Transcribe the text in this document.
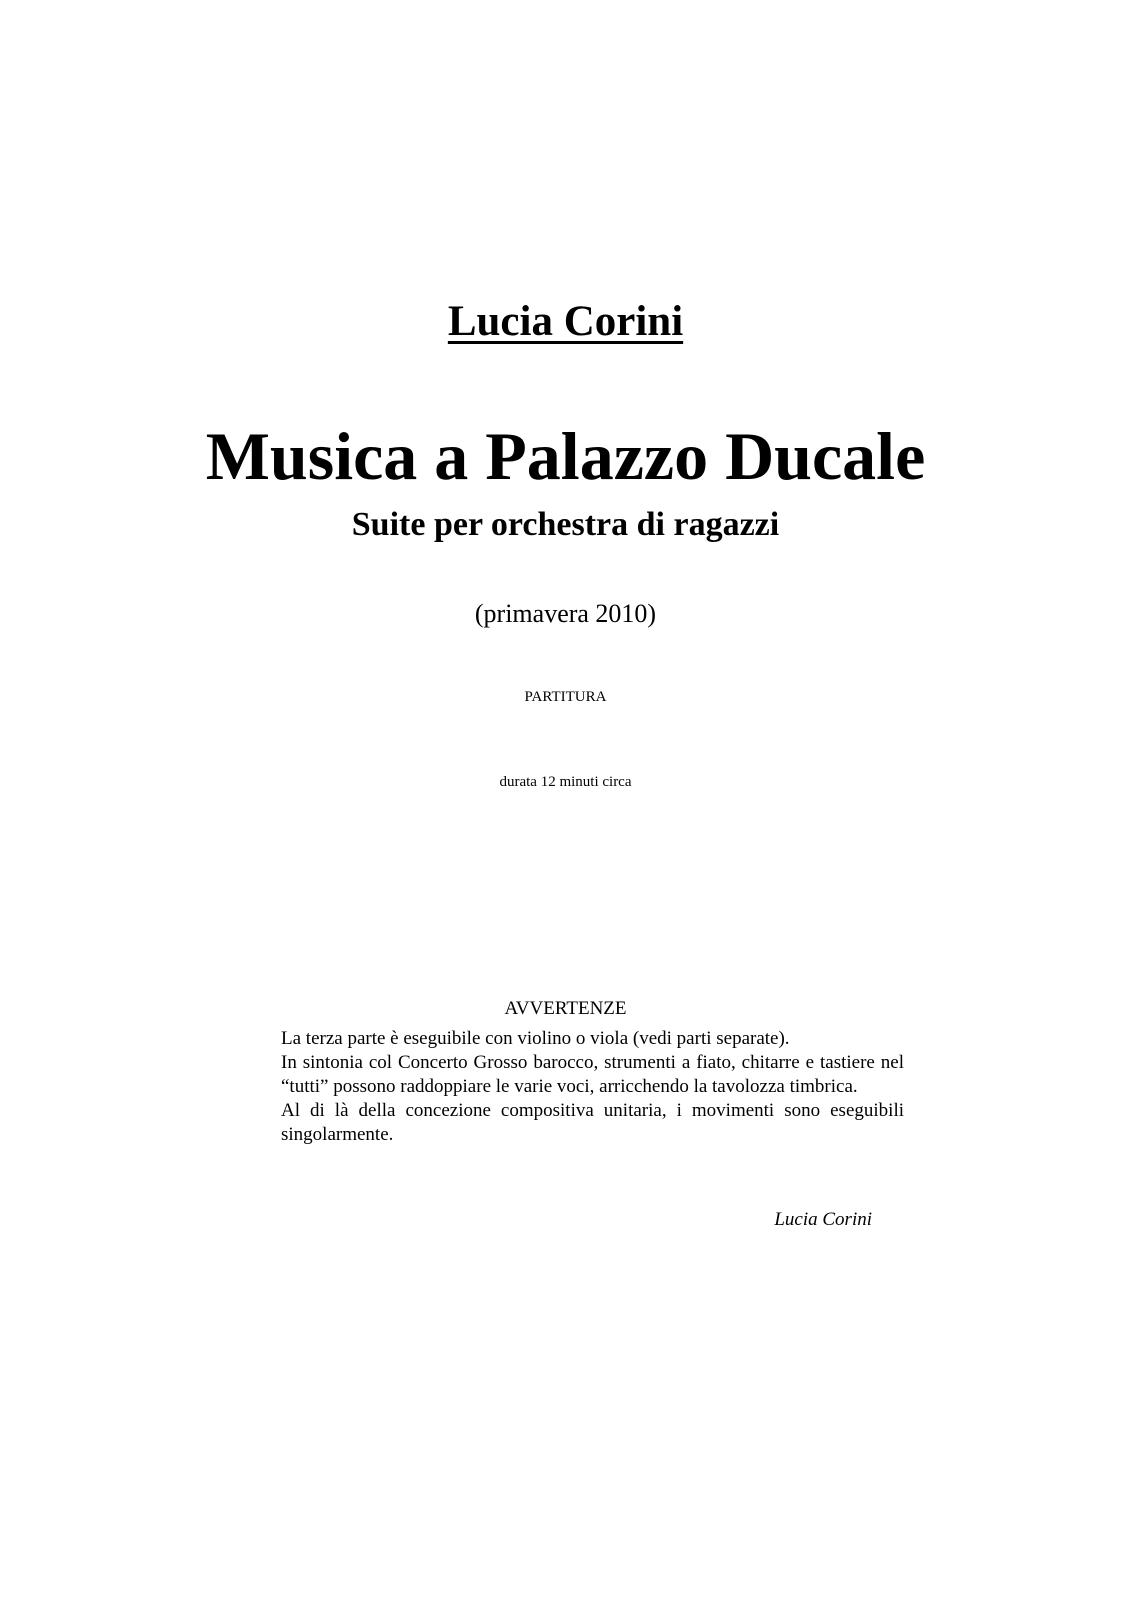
Lucia Corini
Musica a Palazzo Ducale
Suite per orchestra di ragazzi
(primavera 2010)
PARTITURA
durata 12 minuti circa
AVVERTENZE

La terza parte è eseguibile con violino o viola (vedi parti separate).

In sintonia col Concerto Grosso barocco, strumenti a fiato, chitarre e tastiere nel “tutti” possono raddoppiare le varie voci, arricchendo la tavolozza timbrica.

Al di là della concezione compositiva unitaria, i movimenti sono eseguibili singolarmente.

Lucia Corini
